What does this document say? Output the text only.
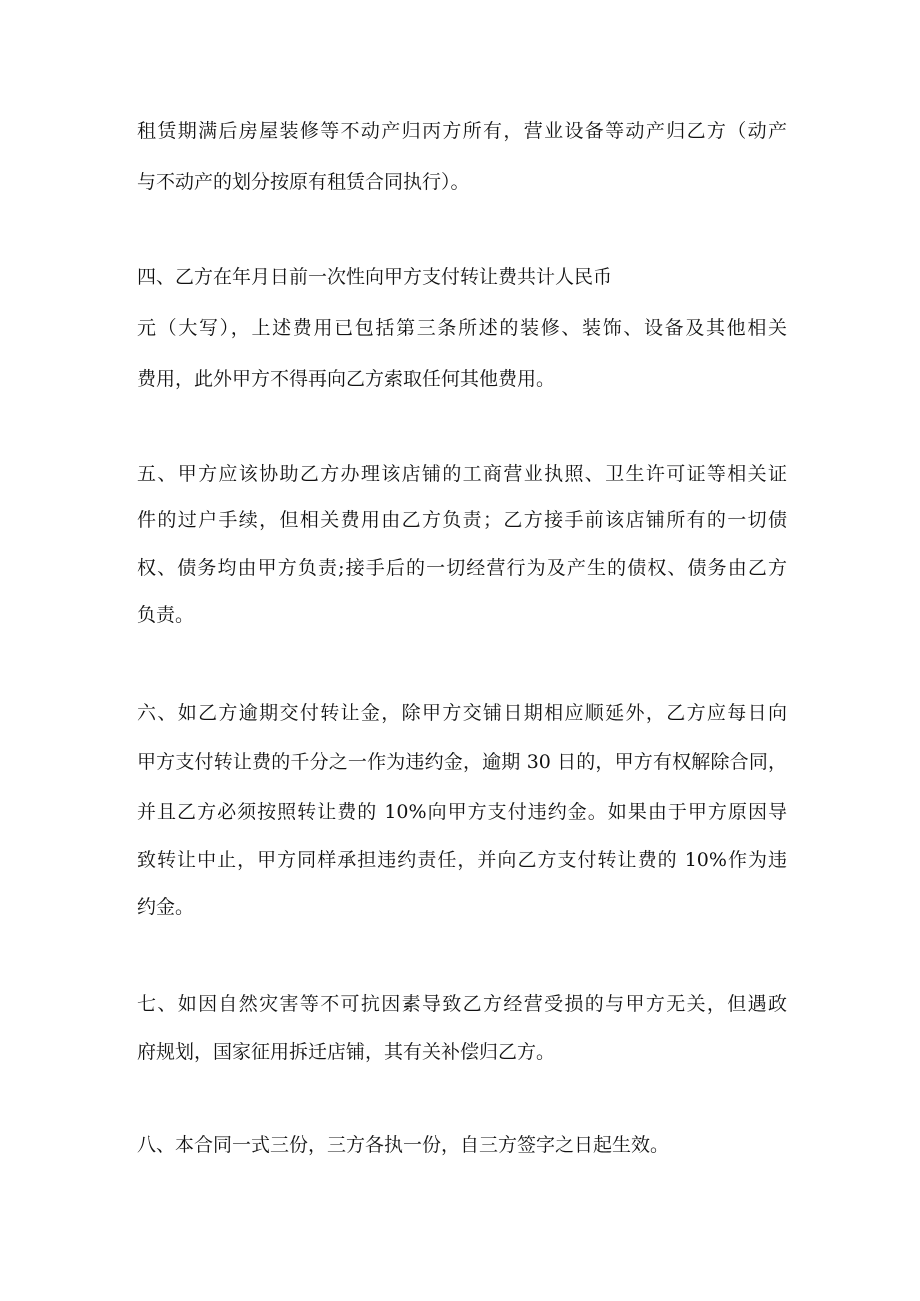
租赁期满后房屋装修等不动产归丙方所有，营业设备等动产归乙方（动产
与不动产的划分按原有租赁合同执行）。
四、乙方在年月日前一次性向甲方支付转让费共计人民币
元（大写），上述费用已包括第三条所述的装修、装饰、设备及其他相关
费用，此外甲方不得再向乙方索取任何其他费用。
五、甲方应该协助乙方办理该店铺的工商营业执照、卫生许可证等相关证
件的过户手续，但相关费用由乙方负责；乙方接手前该店铺所有的一切债
权、债务均由甲方负责;接手后的一切经营行为及产生的债权、债务由乙方
负责。
六、如乙方逾期交付转让金，除甲方交铺日期相应顺延外，乙方应每日向
甲方支付转让费的千分之一作为违约金，逾期 30 日的，甲方有权解除合同，
并且乙方必须按照转让费的 10%向甲方支付违约金。如果由于甲方原因导
致转让中止，甲方同样承担违约责任，并向乙方支付转让费的 10%作为违
约金。
七、如因自然灾害等不可抗因素导致乙方经营受损的与甲方无关，但遇政
府规划，国家征用拆迁店铺，其有关补偿归乙方。
八、本合同一式三份，三方各执一份，自三方签字之日起生效。
